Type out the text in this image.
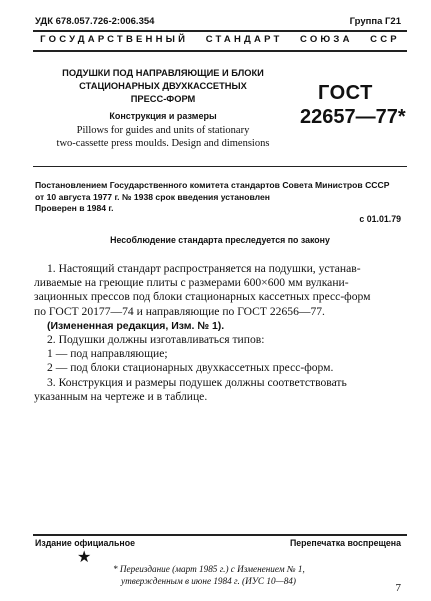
УДК 678.057.726-2:006.354	Группа Г21
ГОСУДАРСТВЕННЫЙ   СТАНДАРТ   СОЮЗА   ССР
ПОДУШКИ ПОД НАПРАВЛЯЮЩИЕ И БЛОКИ
СТАЦИОНАРНЫХ ДВУХКАССЕТНЫХ
ПРЕСС-ФОРМ
Конструкция и размеры
Pillows for guides and units of stationary
two-cassette press moulds. Design and dimensions
ГОСТ
22657—77*
Постановлением Государственного комитета стандартов Совета Министров СССР
от 10 августа 1977 г. № 1938 срок введения установлен
Проверен в 1984 г.
с 01.01.79
Несоблюдение стандарта преследуется по закону
1. Настоящий стандарт распространяется на подушки, устанав-
ливаемые на греющие плиты с размерами 600×600 мм вулкани-
зационных прессов под блоки стационарных кассетных пресс-форм
по ГОСТ 20177—74 и направляющие по ГОСТ 22656—77.
(Измененная редакция, Изм. № 1).
2. Подушки должны изготавливаться типов:
1 — под направляющие;
2 — под блоки стационарных двухкассетных пресс-форм.
3. Конструкция и размеры подушек должны соответствовать
указанным на чертеже и в таблице.
Издание официальное	Перепечатка воспрещена
★
* Переиздание (март 1985 г.) с Изменением № 1,
утвержденным в июне 1984 г. (ИУС 10—84)
7
